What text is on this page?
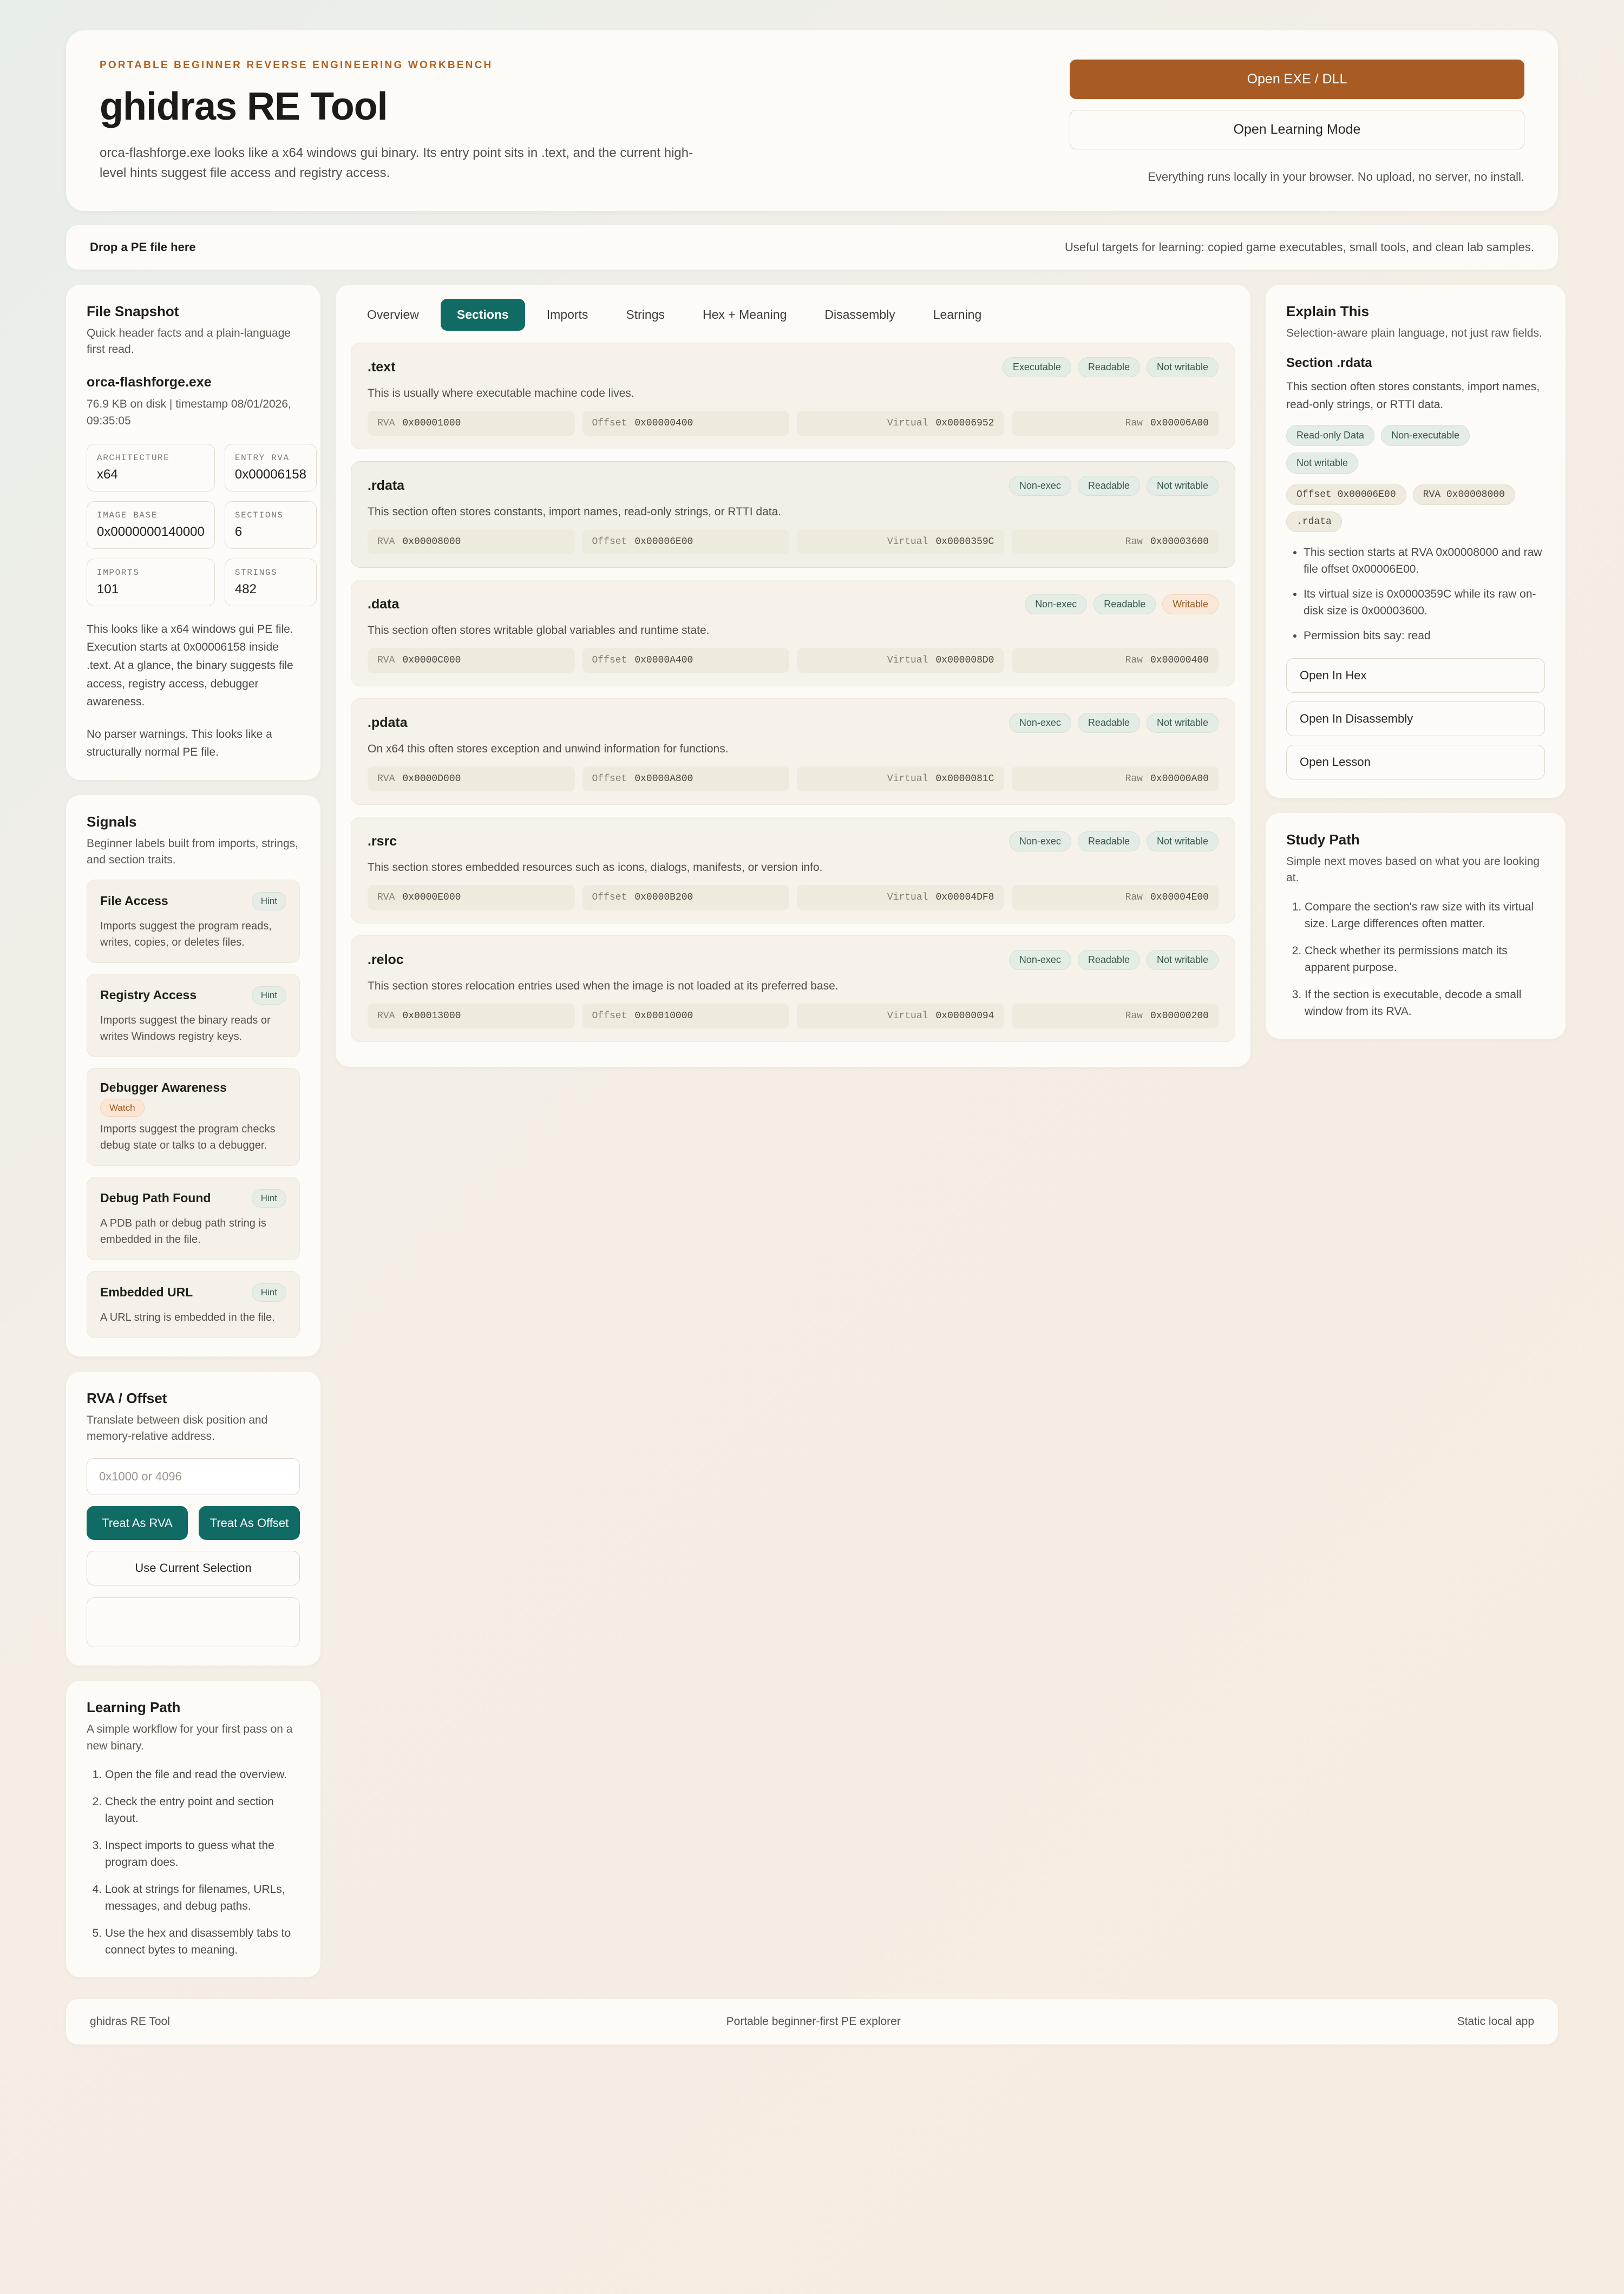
PORTABLE BEGINNER REVERSE ENGINEERING WORKBENCH
ghidras RE Tool
orca-flashforge.exe looks like a x64 windows gui binary. Its entry point sits in .text, and the current high-level hints suggest file access and registry access.
Open EXE / DLL
Open Learning Mode
Everything runs locally in your browser. No upload, no server, no install.
Drop a PE file here	Useful targets for learning: copied game executables, small tools, and clean lab samples.
File Snapshot
Quick header facts and a plain-language first read.
orca-flashforge.exe
76.9 KB on disk | timestamp 08/01/2026, 09:35:05
ARCHITECTURE
x64
ENTRY RVA
0x00006158
IMAGE BASE
0x0000000140000
SECTIONS
6
IMPORTS
101
STRINGS
482
This looks like a x64 windows gui PE file. Execution starts at 0x00006158 inside .text. At a glance, the binary suggests file access, registry access, debugger awareness.
No parser warnings. This looks like a structurally normal PE file.
Signals
Beginner labels built from imports, strings, and section traits.
File Access	Hint
Imports suggest the program reads, writes, copies, or deletes files.
Registry Access	Hint
Imports suggest the binary reads or writes Windows registry keys.
Debugger Awareness
Watch
Imports suggest the program checks debug state or talks to a debugger.
Debug Path Found	Hint
A PDB path or debug path string is embedded in the file.
Embedded URL	Hint
A URL string is embedded in the file.
RVA / Offset
Translate between disk position and memory-relative address.
0x1000 or 4096
Treat As RVA	Treat As Offset
Use Current Selection
Learning Path
A simple workflow for your first pass on a new binary.
1. Open the file and read the overview.
2. Check the entry point and section layout.
3. Inspect imports to guess what the program does.
4. Look at strings for filenames, URLs, messages, and debug paths.
5. Use the hex and disassembly tabs to connect bytes to meaning.
Overview	Sections	Imports	Strings	Hex + Meaning	Disassembly	Learning
.text	Executable	Readable	Not writable
This is usually where executable machine code lives.
RVA 0x00001000	Offset 0x00000400	Virtual 0x00006952	Raw 0x00006A00
.rdata	Non-exec	Readable	Not writable
This section often stores constants, import names, read-only strings, or RTTI data.
RVA 0x00008000	Offset 0x00006E00	Virtual 0x0000359C	Raw 0x00003600
.data	Non-exec	Readable	Writable
This section often stores writable global variables and runtime state.
RVA 0x0000C000	Offset 0x0000A400	Virtual 0x000008D0	Raw 0x00000400
.pdata	Non-exec	Readable	Not writable
On x64 this often stores exception and unwind information for functions.
RVA 0x0000D000	Offset 0x0000A800	Virtual 0x0000081C	Raw 0x00000A00
.rsrc	Non-exec	Readable	Not writable
This section stores embedded resources such as icons, dialogs, manifests, or version info.
RVA 0x0000E000	Offset 0x0000B200	Virtual 0x00004DF8	Raw 0x00004E00
.reloc	Non-exec	Readable	Not writable
This section stores relocation entries used when the image is not loaded at its preferred base.
RVA 0x00013000	Offset 0x00010000	Virtual 0x00000094	Raw 0x00000200
Explain This
Selection-aware plain language, not just raw fields.
Section .rdata
This section often stores constants, import names, read-only strings, or RTTI data.
Read-only Data	Non-executable
Not writable
Offset 0x00006E00	RVA 0x00008000
.rdata
• This section starts at RVA 0x00008000 and raw file offset 0x00006E00.
• Its virtual size is 0x0000359C while its raw on-disk size is 0x00003600.
• Permission bits say: read
Open In Hex Open In Disassembly Open Lesson
Study Path
Simple next moves based on what you are looking at.
1. Compare the section's raw size with its virtual size. Large differences often matter.
2. Check whether its permissions match its apparent purpose.
3. If the section is executable, decode a small window from its RVA.
ghidras RE Tool	Portable beginner-first PE explorer	Static local app
